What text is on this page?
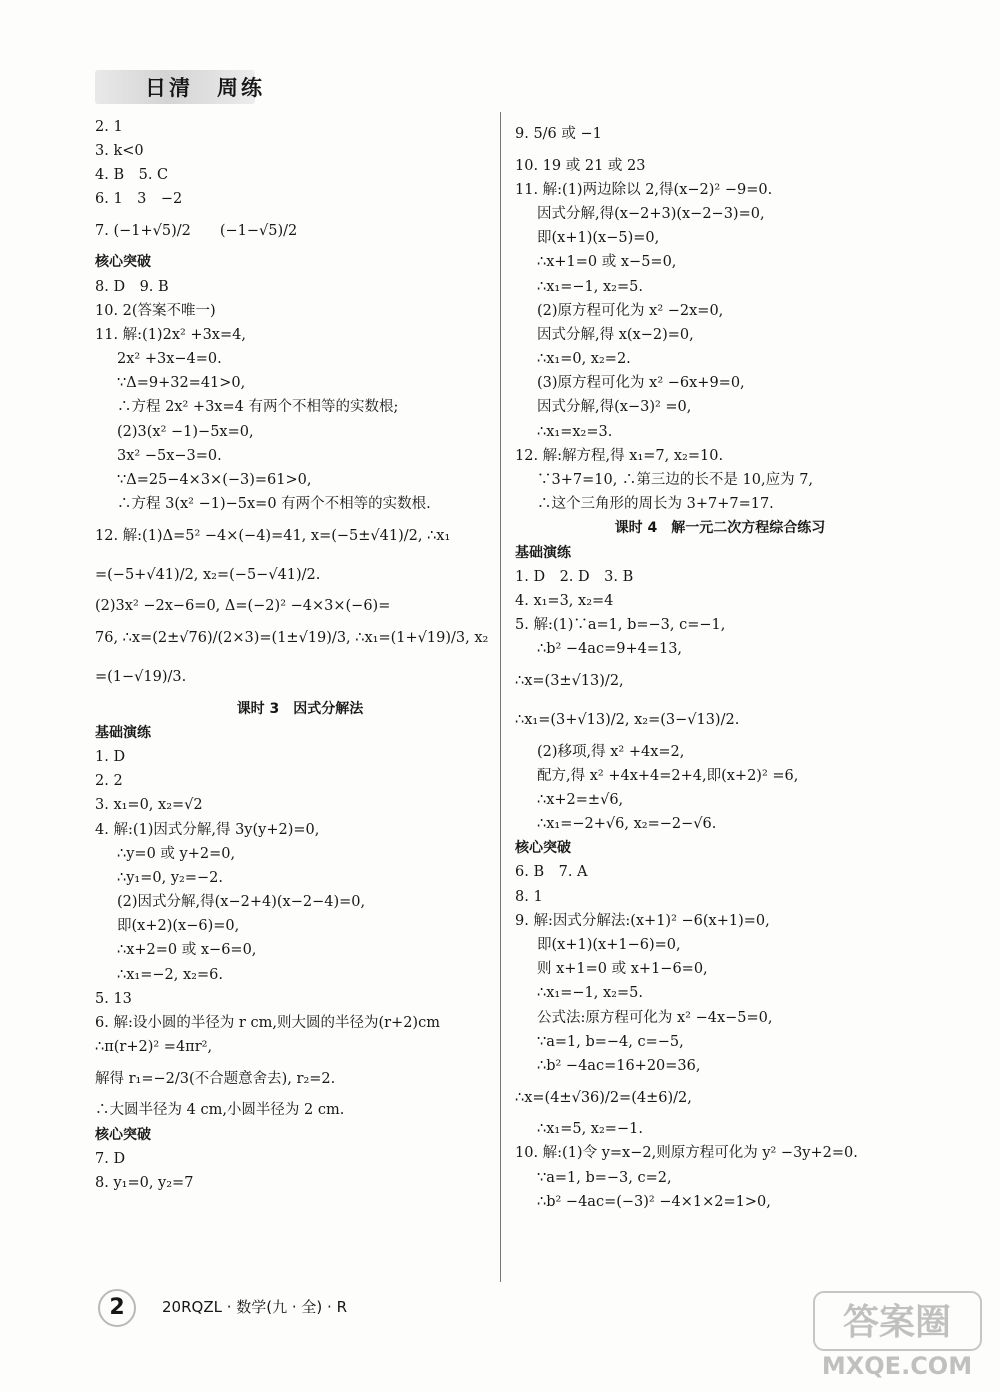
日清　周练
2. 1
3. k<0
4. B　5. C
6. 1　3　−2
7. (−1+√5)/2　　(−1−√5)/2
核心突破
8. D　9. B
10. 2(答案不唯一)
11. 解:(1)2x² +3x=4,
2x² +3x−4=0.
∵Δ=9+32=41>0,
∴方程 2x² +3x=4 有两个不相等的实数根;
(2)3(x² −1)−5x=0,
3x² −5x−3=0.
∵Δ=25−4×3×(−3)=61>0,
∴方程 3(x² −1)−5x=0 有两个不相等的实数根.
12. 解:(1)Δ=5² −4×(−4)=41, x=(−5±√41)/2, ∴x₁
=(−5+√41)/2, x₂=(−5−√41)/2.
(2)3x² −2x−6=0, Δ=(−2)² −4×3×(−6)=
76, ∴x=(2±√76)/(2×3)=(1±√19)/3, ∴x₁=(1+√19)/3, x₂
=(1−√19)/3.
课时 3　因式分解法
基础演练
1. D
2. 2
3. x₁=0, x₂=√2
4. 解:(1)因式分解,得 3y(y+2)=0,
∴y=0 或 y+2=0,
∴y₁=0, y₂=−2.
(2)因式分解,得(x−2+4)(x−2−4)=0,
即(x+2)(x−6)=0,
∴x+2=0 或 x−6=0,
∴x₁=−2, x₂=6.
5. 13
6. 解:设小圆的半径为 r cm,则大圆的半径为(r+2)cm
∴π(r+2)² =4πr²,
解得 r₁=−2/3(不合题意舍去), r₂=2.
∴大圆半径为 4 cm,小圆半径为 2 cm.
核心突破
7. D
8. y₁=0, y₂=7
9. 5/6 或 −1
10. 19 或 21 或 23
11. 解:(1)两边除以 2,得(x−2)² −9=0.
因式分解,得(x−2+3)(x−2−3)=0,
即(x+1)(x−5)=0,
∴x+1=0 或 x−5=0,
∴x₁=−1, x₂=5.
(2)原方程可化为 x² −2x=0,
因式分解,得 x(x−2)=0,
∴x₁=0, x₂=2.
(3)原方程可化为 x² −6x+9=0,
因式分解,得(x−3)² =0,
∴x₁=x₂=3.
12. 解:解方程,得 x₁=7, x₂=10.
∵3+7=10, ∴第三边的长不是 10,应为 7,
∴这个三角形的周长为 3+7+7=17.
课时 4　解一元二次方程综合练习
基础演练
1. D　2. D　3. B
4. x₁=3, x₂=4
5. 解:(1)∵a=1, b=−3, c=−1,
∴b² −4ac=9+4=13,
∴x=(3±√13)/2,
∴x₁=(3+√13)/2, x₂=(3−√13)/2.
(2)移项,得 x² +4x=2,
配方,得 x² +4x+4=2+4,即(x+2)² =6,
∴x+2=±√6,
∴x₁=−2+√6, x₂=−2−√6.
核心突破
6. B　7. A
8. 1
9. 解:因式分解法:(x+1)² −6(x+1)=0,
即(x+1)(x+1−6)=0,
则 x+1=0 或 x+1−6=0,
∴x₁=−1, x₂=5.
公式法:原方程可化为 x² −4x−5=0,
∵a=1, b=−4, c=−5,
∴b² −4ac=16+20=36,
∴x=(4±√36)/2=(4±6)/2,
∴x₁=5, x₂=−1.
10. 解:(1)令 y=x−2,则原方程可化为 y² −3y+2=0.
∵a=1, b=−3, c=2,
∴b² −4ac=(−3)² −4×1×2=1>0,
2	20RQZL · 数学(九 · 全) · R	答案圈
MXQE.COM
